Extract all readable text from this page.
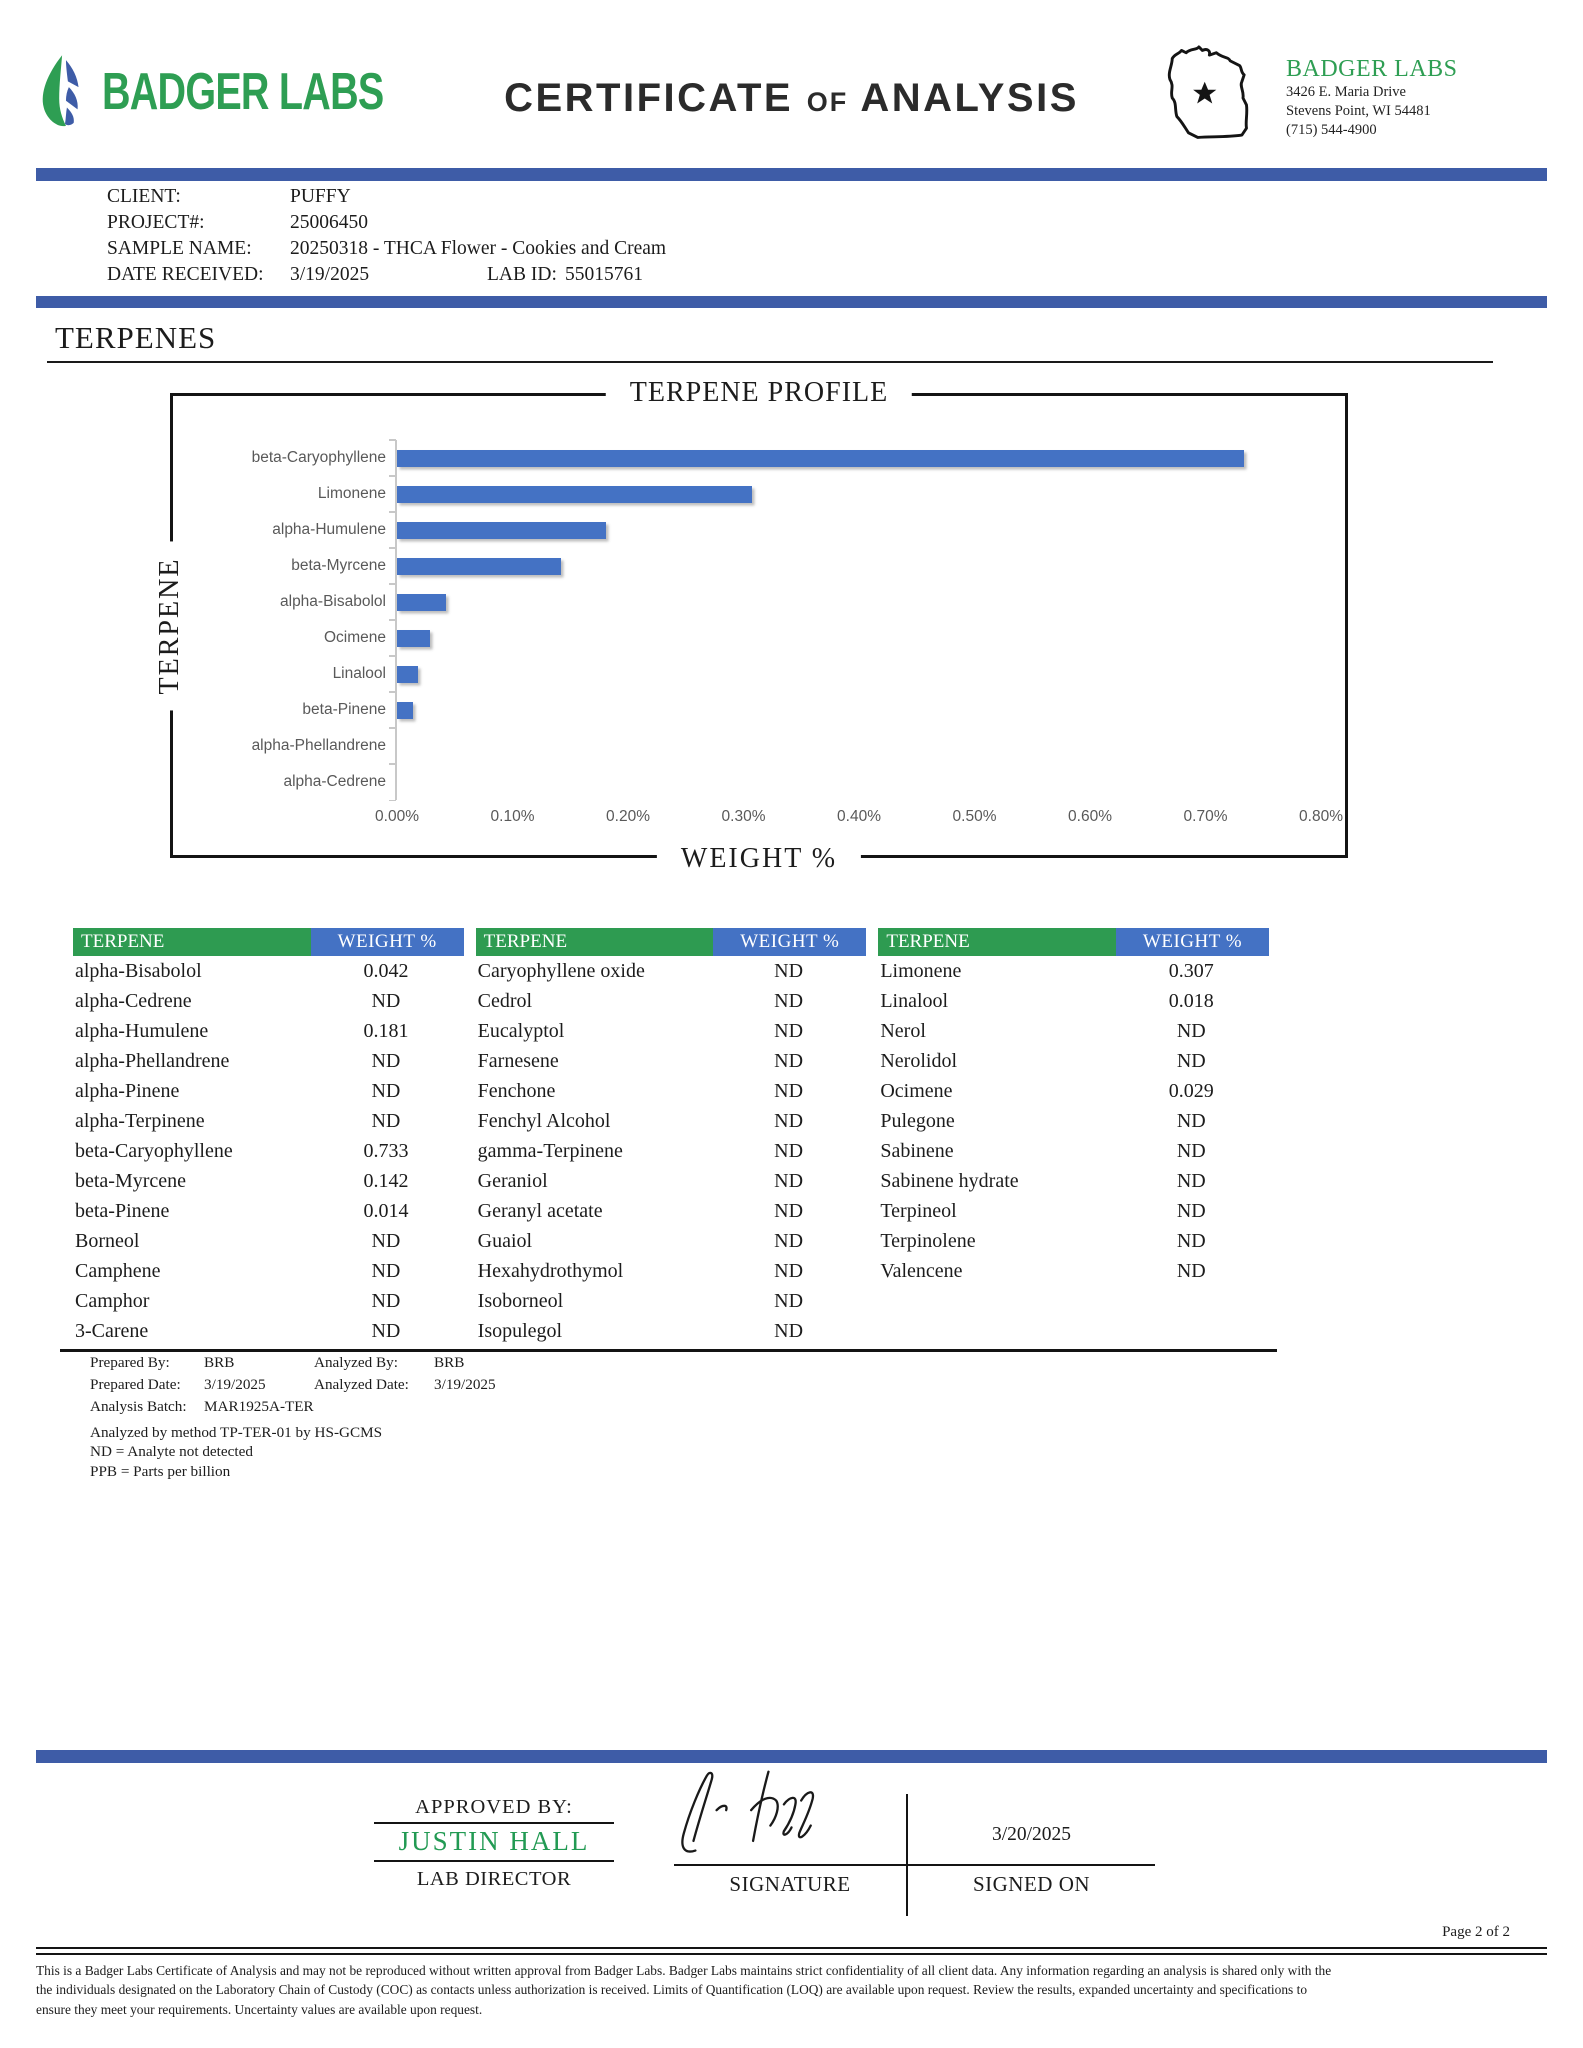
BADGER LABS	CERTIFICATE OF ANALYSIS
BADGER LABS
3426 E. Maria Drive
Stevens Point, WI 54481
(715) 544-4900
CLIENT:	PUFFY
PROJECT#:	25006450
SAMPLE NAME:	20250318 - THCA Flower - Cookies and Cream
DATE RECEIVED:	3/19/2025	LAB ID: 55015761
TERPENES
TERPENE PROFILE
WEIGHT %
TERPENE
beta-Caryophyllene
Limonene
alpha-Humulene
beta-Myrcene
alpha-Bisabolol
Ocimene
Linalool
beta-Pinene
alpha-Phellandrene
alpha-Cedrene
0.00%	0.10%	0.20%	0.30%	0.40%	0.50%	0.60%	0.70%	0.80%
TERPENE	WEIGHT %
alpha-Bisabolol	0.042
alpha-Cedrene	ND
alpha-Humulene	0.181
alpha-Phellandrene	ND
alpha-Pinene	ND
alpha-Terpinene	ND
beta-Caryophyllene	0.733
beta-Myrcene	0.142
beta-Pinene	0.014
Borneol	ND
Camphene	ND
Camphor	ND
3-Carene	ND
TERPENE	WEIGHT %
Caryophyllene oxide	ND
Cedrol	ND
Eucalyptol	ND
Farnesene	ND
Fenchone	ND
Fenchyl Alcohol	ND
gamma-Terpinene	ND
Geraniol	ND
Geranyl acetate	ND
Guaiol	ND
Hexahydrothymol	ND
Isoborneol	ND
Isopulegol	ND
TERPENE	WEIGHT %
Limonene	0.307
Linalool	0.018
Nerol	ND
Nerolidol	ND
Ocimene	0.029
Pulegone	ND
Sabinene	ND
Sabinene hydrate	ND
Terpineol	ND
Terpinolene	ND
Valencene	ND
Prepared By:	BRB	Analyzed By:	BRB
Prepared Date:	3/19/2025	Analyzed Date:	3/19/2025
Analysis Batch:	MAR1925A-TER
Analyzed by method TP-TER-01 by HS-GCMS
ND = Analyte not detected
PPB = Parts per billion
APPROVED BY:
JUSTIN HALL
LAB DIRECTOR	SIGNATURE
3/20/2025
SIGNED ON
Page 2 of 2
This is a Badger Labs Certificate of Analysis and may not be reproduced without written approval from Badger Labs. Badger Labs maintains strict confidentiality of all client data. Any information regarding an analysis is shared only with the
the individuals designated on the Laboratory Chain of Custody (COC) as contacts unless authorization is received. Limits of Quantification (LOQ) are available upon request. Review the results, expanded uncertainty and specifications to
ensure they meet your requirements. Uncertainty values are available upon request.
